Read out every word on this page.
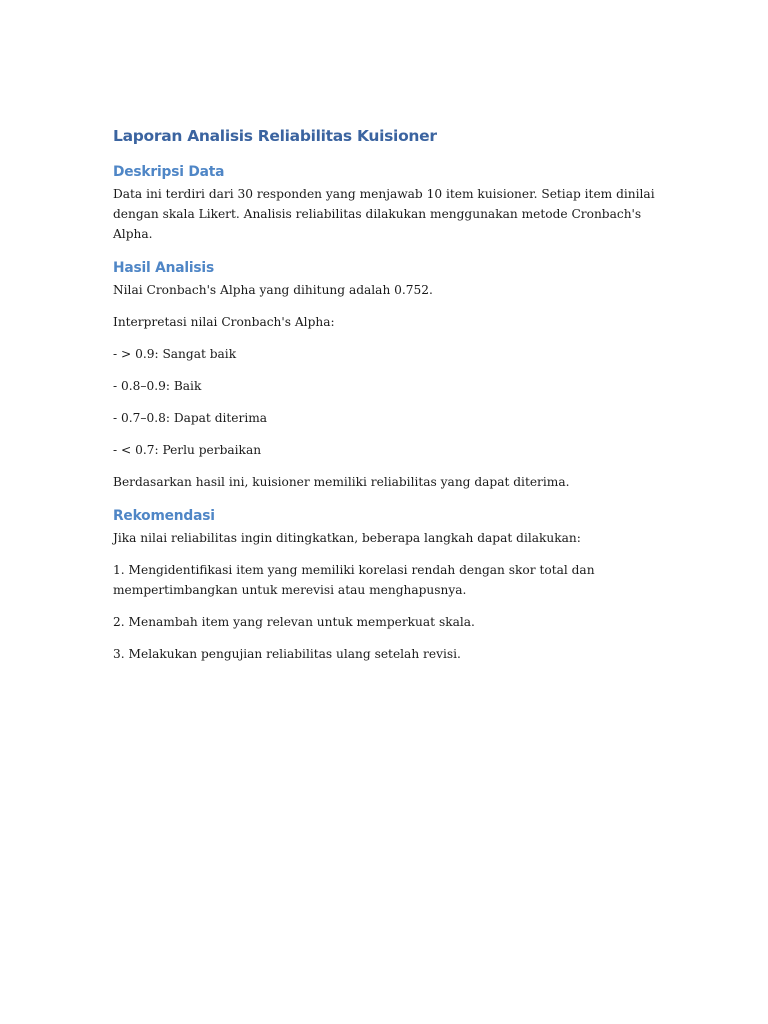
Laporan Analisis Reliabilitas Kuisioner
Deskripsi Data

Data ini terdiri dari 30 responden yang menjawab 10 item kuisioner. Setiap item dinilai dengan skala Likert. Analisis reliabilitas dilakukan menggunakan metode Cronbach's Alpha.

Hasil Analisis

Nilai Cronbach's Alpha yang dihitung adalah 0.752.

Interpretasi nilai Cronbach's Alpha:

- > 0.9: Sangat baik

- 0.8–0.9: Baik

- 0.7–0.8: Dapat diterima

- < 0.7: Perlu perbaikan

Berdasarkan hasil ini, kuisioner memiliki reliabilitas yang dapat diterima.

Rekomendasi

Jika nilai reliabilitas ingin ditingkatkan, beberapa langkah dapat dilakukan:

1. Mengidentifikasi item yang memiliki korelasi rendah dengan skor total dan mempertimbangkan untuk merevisi atau menghapusnya.

2. Menambah item yang relevan untuk memperkuat skala.

3. Melakukan pengujian reliabilitas ulang setelah revisi.
